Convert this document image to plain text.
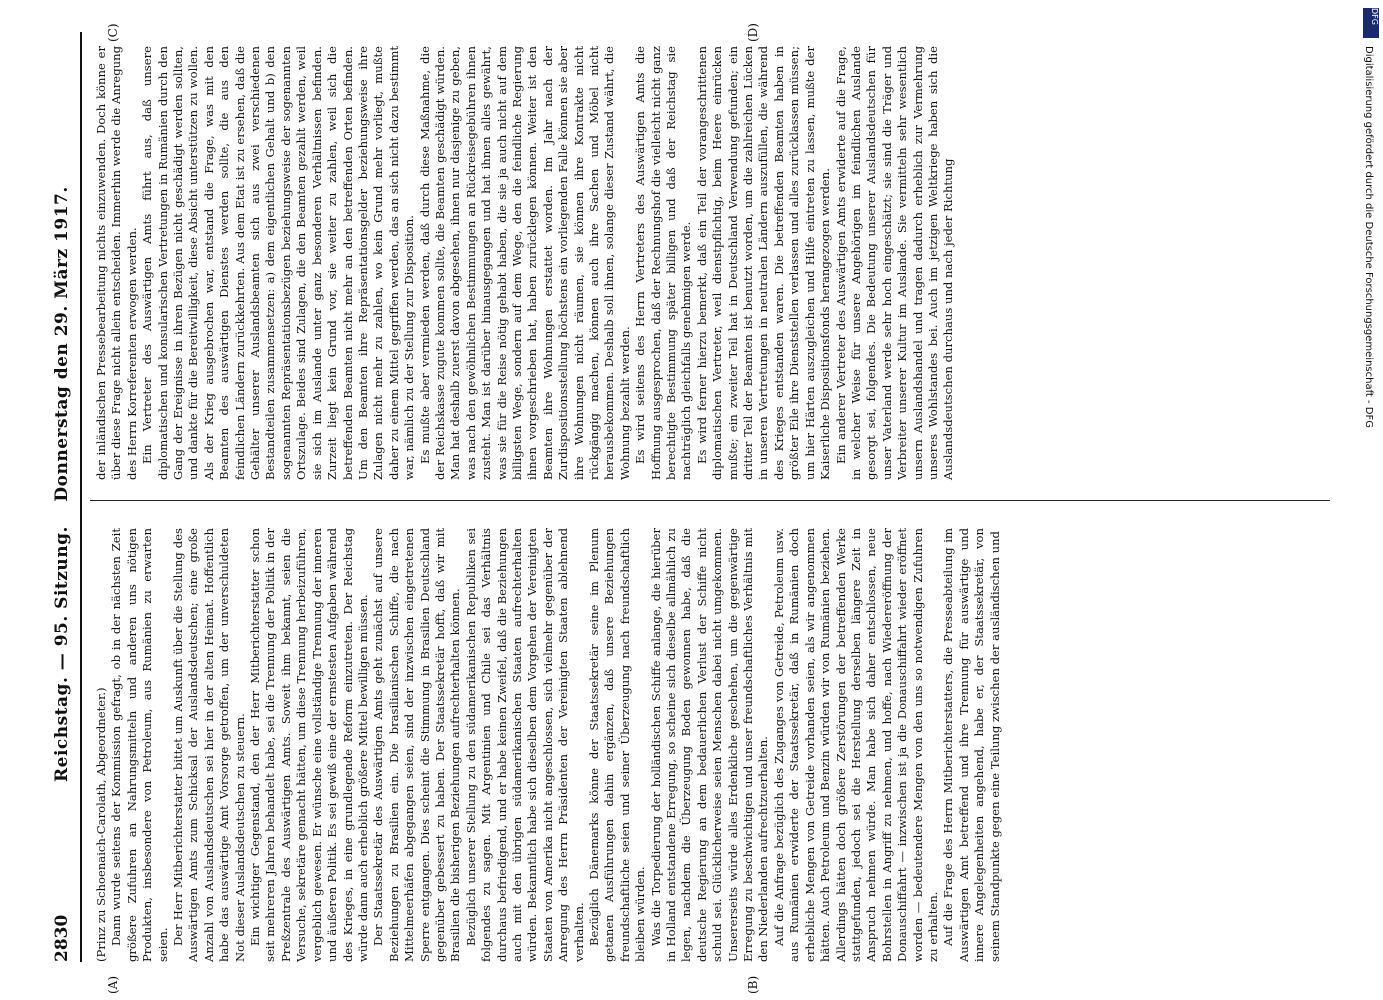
2830
Reichstag. — 95. Sitzung. Donnerstag den 29. März 1917.

(Prinz zu Schoenaich-Carolath, Abgeordneter.) Dann wurde seitens der Kommission gefragt, ob in der nächsten Zeit größere Zufuhren an Nahrungsmitteln und anderen uns nötigen Produkten, insbesondere von Petroleum, aus Rumänien zu erwarten seien. Der Herr Mitberichterstatter bittet um Auskunft über die Stellung des Auswärtigen Amts zum Schicksal der Auslandsdeutschen; eine große Anzahl von Auslandsdeutschen sei hier in der alten Heimat. Hoffentlich habe das auswärtige Amt Vorsorge getroffen, um der unverschuldeten Not dieser Auslandsdeutschen zu steuern. Ein wichtiger Gegenstand, den der Herr Mitberichterstatter schon seit mehreren Jahren behandelt habe, sei die Trennung der Politik in der Preßzentrale des Auswärtigen Amts. Soweit ihm bekannt, seien die Versuche, sekretäre gemacht hätten, um diese Trennung herbeizuführen, vergeblich gewesen. Er wünsche eine vollständige Trennung der inneren und äußeren Politik. Es sei gewiß eine der ernstesten Aufgaben während des Krieges, in eine grundlegende Reform einzutreten. Der Reichstag würde dann auch erheblich größere Mittel bewilligen müssen. Der Staatssekretär des Auswärtigen Amts geht zunächst auf unsere Beziehungen zu Brasilien ein. Die brasilianischen Schiffe, die nach Mittelmeerhäfen abgegangen seien, sind der inzwischen eingetretenen Sperre entgangen. Dies scheint die Stimmung in Brasilien Deutschland gegenüber gebessert zu haben. Der Staatssekretär hofft, daß wir mit Brasilien die bisherigen Beziehungen aufrechterhalten können. Bezüglich unserer Stellung zu den südamerikanischen Republiken sei folgendes zu sagen. Mit Argentinien und Chile sei das Verhältnis durchaus befriedigend, und er habe keinen Zweifel, daß die Beziehungen auch mit den übrigen südamerikanischen Staaten aufrechterhalten würden. Bekanntlich habe sich dieselben dem Vorgehen der Vereinigten Staaten von Amerika nicht angeschlossen, sich vielmehr gegenüber der Anregung des Herrn Präsidenten der Vereinigten Staaten ablehnend verhalten. Bezüglich Dänemarks könne der Staatssekretär seine im Plenum getanen Ausführungen dahin ergänzen, daß unsere Beziehungen freundschaftliche seien und seiner Überzeugung nach freundschaftlich bleiben würden. Was die Torpedierung der holländischen Schiffe anlange, die hierüber in Holland entstandene Erregung, so scheine sich dieselbe allmählich zu legen, nachdem die Überzeugung Boden gewonnen habe, daß die deutsche Regierung an dem bedauerlichen Verlust der Schiffe nicht schuld sei. Glücklicherweise seien Menschen dabei nicht umgekommen. Unsererseits würde alles Erdenkliche geschehen, um die gegenwärtige Erregung zu beschwichtigen und unser freundschaftliches Verhältnis mit den Niederlanden aufrechtzuerhalten. Auf die Anfrage bezüglich des Zuganges von Getreide, Petroleum usw. aus Rumänien erwiderte der Staatssekretär, daß in Rumänien doch erhebliche Mengen von Getreide vorhanden seien, als wir angenommen hätten. Auch Petroleum und Benzin würden wir von Rumänien beziehen. Allerdings hätten doch größere Zerstörungen der betreffenden Werke stattgefunden, jedoch sei die Herstellung derselben längere Zeit in Anspruch nehmen würde. Man habe sich daher entschlossen, neue Bohrstellen in Angriff zu nehmen, und hoffe, nach Wiedereröffnung der Donauschiffahrt — inzwischen ist ja die Donauschiffahrt wieder eröffnet worden — bedeutendere Mengen von den uns so notwendigen Zufuhren zu erhalten. Auf die Frage des Herrn Mitberichterstatters, die Presseabteilung im Auswärtigen Amt betreffend und ihre Trennung für auswärtige und innere Angelegenheiten angehend, habe er, der Staatssekretär, von seinem Standpunkte gegen eine Teilung zwischen der ausländischen und

der inländischen Pressebearbeitung nichts einzuwenden. Doch könne er über diese Frage nicht allein entscheiden. Immerhin werde die Anregung des Herrn Korreferenten erwogen werden. Ein Vertreter des Auswärtigen Amts führt aus, daß unsere diplomatischen und konsularischen Vertretungen in Rumänien durch den Gang der Ereignisse in ihren Bezügen nicht geschädigt werden sollten, und dankte für die Bereitwilligkeit, diese Absicht unterstützen zu wollen. Als der Krieg ausgebrochen war, entstand die Frage, was mit den Beamten des auswärtigen Dienstes werden sollte, die aus den feindlichen Ländern zurückkehrten. Aus dem Etat ist zu ersehen, daß die Gehälter unserer Auslandsbeamten sich aus zwei verschiedenen Bestandteilen zusammensetzen: a) dem eigentlichen Gehalt und b) den sogenannten Repräsentationsbezügen beziehungsweise der sogenannten Ortszulage. Beides sind Zulagen, die den Beamten gezahlt werden, weil sie sich im Auslande unter ganz besonderen Verhältnissen befinden. Zurzeit liegt kein Grund vor, sie weiter zu zahlen, weil sich die betreffenden Beamten nicht mehr an den betreffenden Orten befinden. Um den Beamten ihre Repräsentationsgelder beziehungsweise ihre Zulagen nicht mehr zu zahlen, wo kein Grund mehr vorliegt, mußte daher zu einem Mittel gegriffen werden, das an sich nicht dazu bestimmt war, nämlich zu der Stellung zur Disposition. Es mußte aber vermieden werden, daß durch diese Maßnahme, die der Reichskasse zugute kommen sollte, die Beamten geschädigt würden. Man hat deshalb zuerst davon abgesehen, ihnen nur dasjenige zu geben, was nach den gewöhnlichen Bestimmungen an Rückreisegebühren ihnen zusteht. Man ist darüber hinausgegangen und hat ihnen alles gewährt, was sie für die Reise nötig gehabt haben, die sie ja auch nicht auf dem billigsten Wege, sondern auf dem Wege, den die feindliche Regierung ihnen vorgeschrieben hat, haben zurücklegen können. Weiter ist den Beamten ihre Wohnungen erstattet worden. Im Jahr nach der Zurdispositionsstellung höchstens ein vorliegenden Falle können sie aber ihre Wohnungen nicht räumen, sie können ihre Kontrakte nicht rückgängig machen, können auch ihre Sachen und Möbel nicht herausbekommen. Deshalb soll ihnen, solange dieser Zustand währt, die Wohnung bezahlt werden. Es wird seitens des Herrn Vertreters des Auswärtigen Amts die Hoffnung ausgesprochen, daß der Rechnungshof die vielleicht nicht ganz berechtigte Bestimmung später billigen und daß der Reichstag sie nachträglich gleichfalls genehmigen werde. Es wird ferner hierzu bemerkt, daß ein Teil der vorangeschrittenen diplomatischen Vertreter, weil dienstpflichtig, beim Heere einrücken mußte; ein zweiter Teil hat in Deutschland Verwendung gefunden; ein dritter Teil der Beamten ist benutzt worden, um die zahlreichen Lücken in unseren Vertretungen in neutralen Ländern auszufüllen, die während des Krieges entstanden waren. Die betreffenden Beamten haben in größter Eile ihre Dienststellen verlassen und alles zurücklassen müssen; um hier Härten auszugleichen und Hilfe eintreten zu lassen, mußte der Kaiserliche Dispositionsfonds herangezogen werden. Ein anderer Vertreter des Auswärtigen Amts erwiderte auf die Frage, in welcher Weise für unsere Angehörigen im feindlichen Auslande gesorgt sei, folgendes. Die Bedeutung unserer Auslandsdeutschen für unser Vaterland werde sehr hoch eingeschätzt; sie sind die Träger und Verbreiter unserer Kultur im Auslande. Sie vermitteln sehr wesentlich unsern Auslandshandel und tragen dadurch erheblich zur Vermehrung unseres Wohlstandes bei. Auch im jetzigen Weltkriege haben sich die Auslandsdeutschen durchaus und nach jeder Richtung

(A)	(B)
(C)	(D)
DFG
Digitalisierung gefördert durch die Deutsche Forschungsgemeinschaft - DFG
